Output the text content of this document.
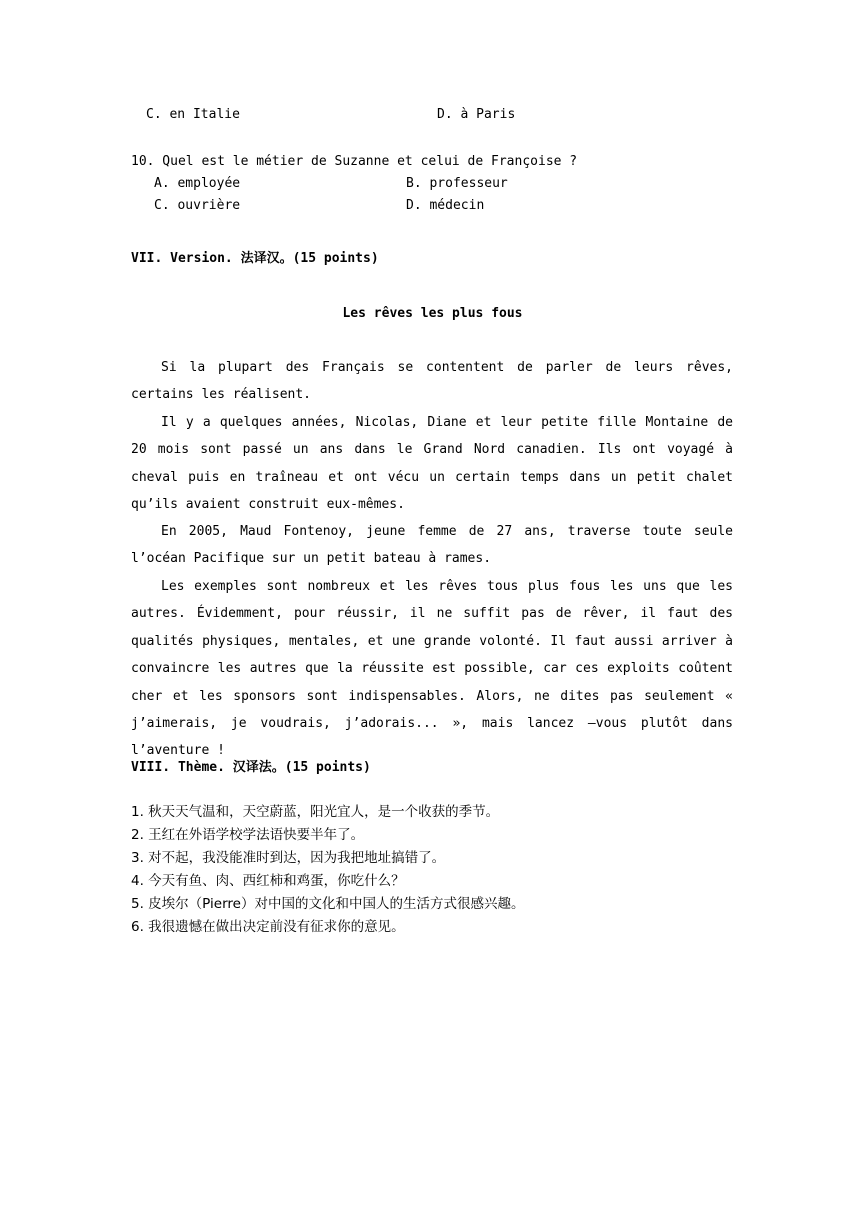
C. en Italie	D. à Paris
10. Quel est le métier de Suzanne et celui de Françoise ?
A. employée	B. professeur
C. ouvrière	D. médecin
VII. Version. 法译汉。(15 points)
Les rêves les plus fous
Si la plupart des Français se contentent de parler de leurs rêves, certains les réalisent.
Il y a quelques années, Nicolas, Diane et leur petite fille Montaine de 20 mois sont passé un ans dans le Grand Nord canadien. Ils ont voyagé à cheval puis en traîneau et ont vécu un certain temps dans un petit chalet qu’ils avaient construit eux-mêmes.
En 2005, Maud Fontenoy, jeune femme de 27 ans, traverse toute seule l’océan Pacifique sur un petit bateau à rames.
Les exemples sont nombreux et les rêves tous plus fous les uns que les autres. Évidemment, pour réussir, il ne suffit pas de rêver, il faut des qualités physiques, mentales, et une grande volonté. Il faut aussi arriver à convaincre les autres que la réussite est possible, car ces exploits coûtent cher et les sponsors sont indispensables. Alors, ne dites pas seulement « j’aimerais, je voudrais, j’adorais... », mais lancez –vous plutôt dans l’aventure !
VIII. Thème. 汉译法。(15 points)
1. 秋天天气温和，天空蔚蓝，阳光宜人，是一个收获的季节。
2. 王红在外语学校学法语快要半年了。
3. 对不起，我没能准时到达，因为我把地址搞错了。
4. 今天有鱼、肉、西红柿和鸡蛋，你吃什么？
5. 皮埃尔（Pierre）对中国的文化和中国人的生活方式很感兴趣。
6. 我很遗憾在做出决定前没有征求你的意见。
